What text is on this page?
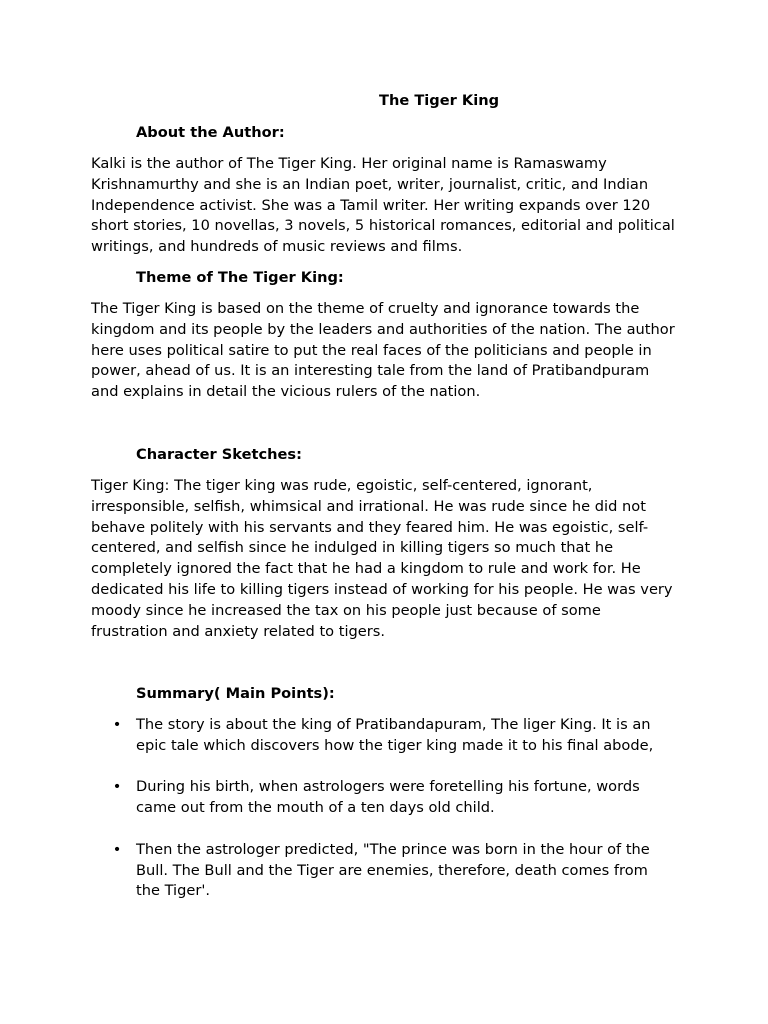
The Tiger King
About the Author:

Kalki is the author of The Tiger King. Her original name is Ramaswamy Krishnamurthy and she is an Indian poet, writer, journalist, critic, and Indian Independence activist. She was a Tamil writer. Her writing expands over 120 short stories, 10 novellas, 3 novels, 5 historical romances, editorial and political writings, and hundreds of music reviews and films.

Theme of The Tiger King:

The Tiger King is based on the theme of cruelty and ignorance towards the kingdom and its people by the leaders and authorities of the nation. The author here uses political satire to put the real faces of the politicians and people in power, ahead of us. It is an interesting tale from the land of Pratibandpuram and explains in detail the vicious rulers of the nation.

Character Sketches:

Tiger King: The tiger king was rude, egoistic, self-centered, ignorant, irresponsible, selfish, whimsical and irrational. He was rude since he did not behave politely with his servants and they feared him. He was egoistic, self-centered, and selfish since he indulged in killing tigers so much that he completely ignored the fact that he had a kingdom to rule and work for. He dedicated his life to killing tigers instead of working for his people. He was very moody since he increased the tax on his people just because of some frustration and anxiety related to tigers.

Summary( Main Points):
• The story is about the king of Pratibandapuram, The liger King. It is an epic tale which discovers how the tiger king made it to his final abode,
• During his birth, when astrologers were foretelling his fortune, words came out from the mouth of a ten days old child.
• Then the astrologer predicted, "The prince was born in the hour of the Bull. The Bull and the Tiger are enemies, therefore, death comes from the Tiger'.
